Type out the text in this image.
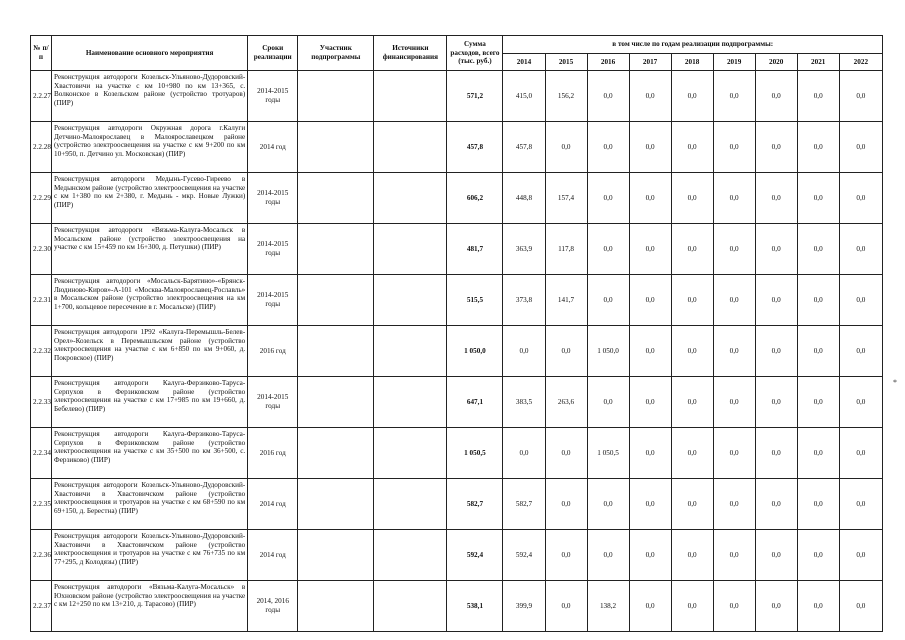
№ п/п	Наименование основного мероприятия	Сроки реализации	Участник подпрограммы	Источники финансирования	Сумма расходов, всего (тыс. руб.)	в том числе по годам реализации подпрограммы:								
						2014	2015	2016	2017	2018	2019	2020	2021	2022
2.2.27	Реконструкция автодороги Козельск-Ульяново-Дудоровский-Хвастовичи на участке с км 10+980 по км 13+365, с. Волконское в Козельском районе (устройство тротуаров) (ПИР)	2014-2015 годы			571,2	415,0	156,2	0,0	0,0	0,0	0,0	0,0	0,0	0,0
2.2.28	Реконструкция автодороги Окружная дорога г.Калуги Детчино-Малоярославец в Малоярославецком районе (устройство электроосвещения на участке с км 9+200 по км 10+950, п. Детчино ул. Московская) (ПИР)	2014 год			457,8	457,8	0,0	0,0	0,0	0,0	0,0	0,0	0,0	0,0
2.2.29	Реконструкция автодороги Медынь-Гусево-Гиреево в Медынском районе (устройство электроосвещения на участке с км 1+380 по км 2+380, г. Медынь - мкр. Новые Лужки) (ПИР)	2014-2015 годы			606,2	448,8	157,4	0,0	0,0	0,0	0,0	0,0	0,0	0,0
2.2.30	Реконструкция автодороги «Вязьма-Калуга-Мосальск в Мосальском районе (устройство электроосвещения на участке с км 15+459 по км 16+300, д. Петушки) (ПИР)	2014-2015 годы			481,7	363,9	117,8	0,0	0,0	0,0	0,0	0,0	0,0	0,0
2.2.31	Реконструкция автодороги «Мосальск-Барятино»-«Брянск-Людиново-Киров»-А-101 «Москва-Малоярославец-Рославль» в Мосальском районе (устройство электроосвещения на км 1+700, кольцевое пересечение в г. Мосальске) (ПИР)	2014-2015 годы			515,5	373,8	141,7	0,0	0,0	0,0	0,0	0,0	0,0	0,0
2.2.32	Реконструкция автодороги 1Р92 «Калуга-Перемышль-Белев-Орел»-Козельск в Перемышльском районе (устройство электроосвещения на участке с км 6+850 по км 9+060, д. Покровское) (ПИР)	2016 год			1 050,0	0,0	0,0	1 050,0	0,0	0,0	0,0	0,0	0,0	0,0
2.2.33	Реконструкция автодороги Калуга-Ферзиково-Таруса-Серпухов в Ферзиковском районе (устройство электроосвещения на участке с км 17+985 по км 19+660, д. Бебелево) (ПИР)	2014-2015 годы			647,1	383,5	263,6	0,0	0,0	0,0	0,0	0,0	0,0	0,0
2.2.34	Реконструкция автодороги Калуга-Ферзиково-Таруса-Серпухов в Ферзиковском районе (устройство электроосвещения на участке с км 35+500 по км 36+500, с. Ферзиково) (ПИР)	2016 год			1 050,5	0,0	0,0	1 050,5	0,0	0,0	0,0	0,0	0,0	0,0
2.2.35	Реконструкция автодороги Козельск-Ульяново-Дудоровский-Хвастовичи в Хвастовичском районе (устройство электроосвещения и тротуаров на участке с км 68+590 по км 69+150, д. Берестна) (ПИР)	2014 год			582,7	582,7	0,0	0,0	0,0	0,0	0,0	0,0	0,0	0,0
2.2.36	Реконструкция автодороги Козельск-Ульяново-Дудоровский-Хвастовичи в Хвастовичском районе (устройство электроосвещения и тротуаров на участке с км 76+735 по км 77+295, д Колодязы) (ПИР)	2014 год			592,4	592,4	0,0	0,0	0,0	0,0	0,0	0,0	0,0	0,0
2.2.37	Реконструкция автодороги «Вязьма-Калуга-Мосальск» в Юхновском районе (устройство электроосвещения на участке с км 12+250 по км 13+210, д. Тарасово) (ПИР)	2014, 2016 годы			538,1	399,9	0,0	138,2	0,0	0,0	0,0	0,0	0,0	0,0
*
